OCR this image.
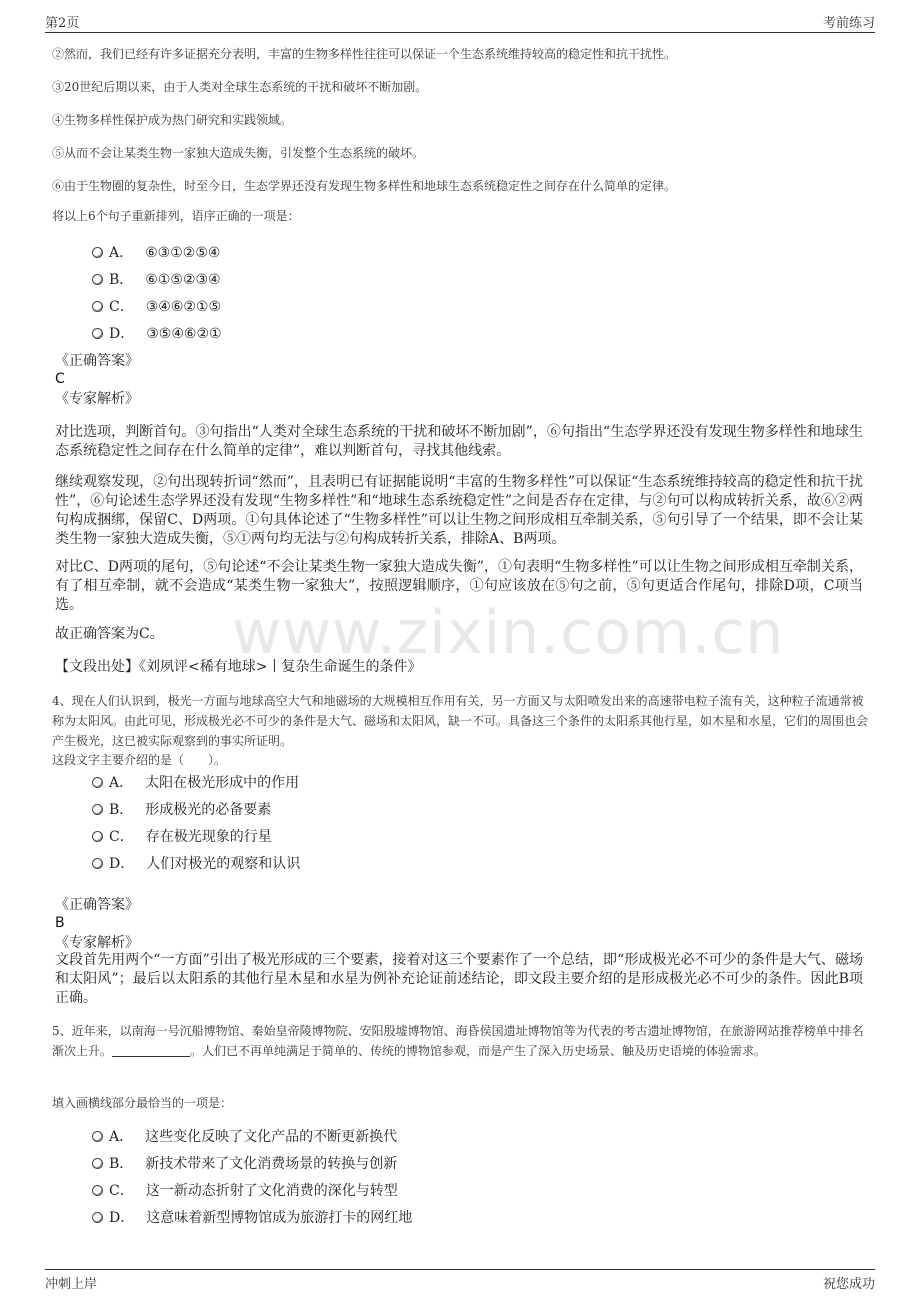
第2页	考前练习
www.zixin.com.cn
②然而，我们已经有许多证据充分表明，丰富的生物多样性往往可以保证一个生态系统维持较高的稳定性和抗干扰性。
③20世纪后期以来，由于人类对全球生态系统的干扰和破坏不断加剧。
④生物多样性保护成为热门研究和实践领域。
⑤从而不会让某类生物一家独大造成失衡，引发整个生态系统的破坏。
⑥由于生物圈的复杂性，时至今日，生态学界还没有发现生物多样性和地球生态系统稳定性之间存在什么简单的定律。
将以上6个句子重新排列，语序正确的一项是：
A． ⑥③①②⑤④
B． ⑥①⑤②③④
C． ③④⑥②①⑤
D． ③⑤④⑥②①
《正确答案》
C
《专家解析》
对比选项，判断首句。③句指出“人类对全球生态系统的干扰和破坏不断加剧”，⑥句指出“生态学界还没有发现生物多样性和地球生态系统稳定性之间存在什么简单的定律”，难以判断首句，寻找其他线索。
继续观察发现，②句出现转折词“然而”，且表明已有证据能说明“丰富的生物多样性”可以保证“生态系统维持较高的稳定性和抗干扰性”，⑥句论述生态学界还没有发现“生物多样性”和“地球生态系统稳定性”之间是否存在定律，与②句可以构成转折关系，故⑥②两句构成捆绑，保留C、D两项。①句具体论述了“生物多样性”可以让生物之间形成相互牵制关系，⑤句引导了一个结果，即不会让某类生物一家独大造成失衡，⑤①两句均无法与②句构成转折关系，排除A、B两项。
对比C、D两项的尾句，⑤句论述“不会让某类生物一家独大造成失衡”，①句表明“生物多样性”可以让生物之间形成相互牵制关系，有了相互牵制，就不会造成“某类生物一家独大”，按照逻辑顺序，①句应该放在⑤句之前，⑤句更适合作尾句，排除D项，C项当选。
故正确答案为C。
【文段出处】《刘夙评<稀有地球>丨复杂生命诞生的条件》
4、现在人们认识到，极光一方面与地球高空大气和地磁场的大规模相互作用有关，另一方面又与太阳喷发出来的高速带电粒子流有关，这种粒子流通常被称为太阳风。由此可见，形成极光必不可少的条件是大气、磁场和太阳风，缺一不可。具备这三个条件的太阳系其他行星，如木星和水星，它们的周围也会产生极光，这已被实际观察到的事实所证明。
这段文字主要介绍的是（　　）。
A． 太阳在极光形成中的作用
B． 形成极光的必备要素
C． 存在极光现象的行星
D． 人们对极光的观察和认识
《正确答案》
B
《专家解析》
文段首先用两个“一方面”引出了极光形成的三个要素，接着对这三个要素作了一个总结，即“形成极光必不可少的条件是大气、磁场和太阳风”；最后以太阳系的其他行星木星和水星为例补充论证前述结论，即文段主要介绍的是形成极光必不可少的条件。因此B项正确。
5、近年来，以南海一号沉船博物馆、秦始皇帝陵博物院、安阳殷墟博物馆、海昏侯国遗址博物馆等为代表的考古遗址博物馆，在旅游网站推荐榜单中排名渐次上升。	。人们已不再单纯满足于简单的、传统的博物馆参观，而是产生了深入历史场景、触及历史语境的体验需求。
填入画横线部分最恰当的一项是：
A． 这些变化反映了文化产品的不断更新换代
B． 新技术带来了文化消费场景的转换与创新
C． 这一新动态折射了文化消费的深化与转型
D． 这意味着新型博物馆成为旅游打卡的网红地
冲刺上岸	祝您成功
